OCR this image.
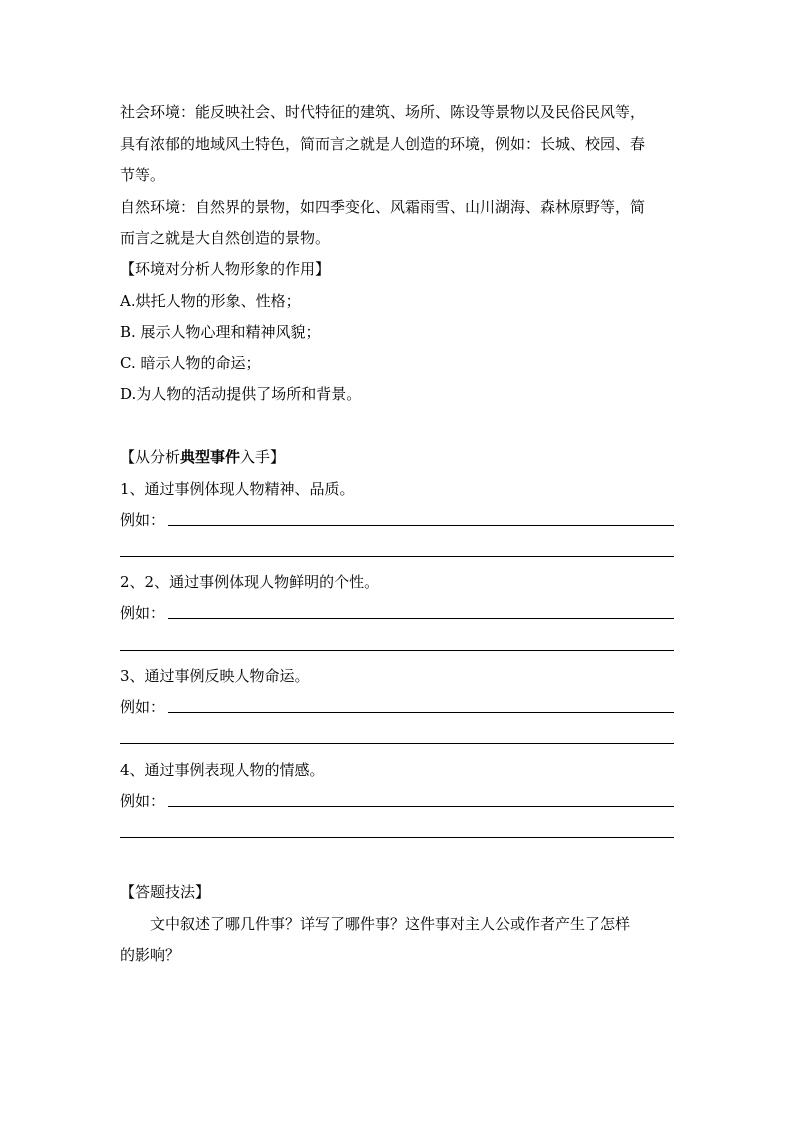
社会环境：能反映社会、时代特征的建筑、场所、陈设等景物以及民俗民风等，
具有浓郁的地域风土特色，简而言之就是人创造的环境，例如：长城、校园、春
节等。
自然环境：自然界的景物，如四季变化、风霜雨雪、山川湖海、森林原野等，简
而言之就是大自然创造的景物。
【环境对分析人物形象的作用】
A.烘托人物的形象、性格；
B. 展示人物心理和精神风貌；
C. 暗示人物的命运；
D.为人物的活动提供了场所和背景。
【从分析典型事件入手】
1、通过事例体现人物精神、品质。
例如：
2、2、通过事例体现人物鲜明的个性。
例如：
3、通过事例反映人物命运。
例如：
4、通过事例表现人物的情感。
例如：
【答题技法】
文中叙述了哪几件事？详写了哪件事？这件事对主人公或作者产生了怎样
的影响？
